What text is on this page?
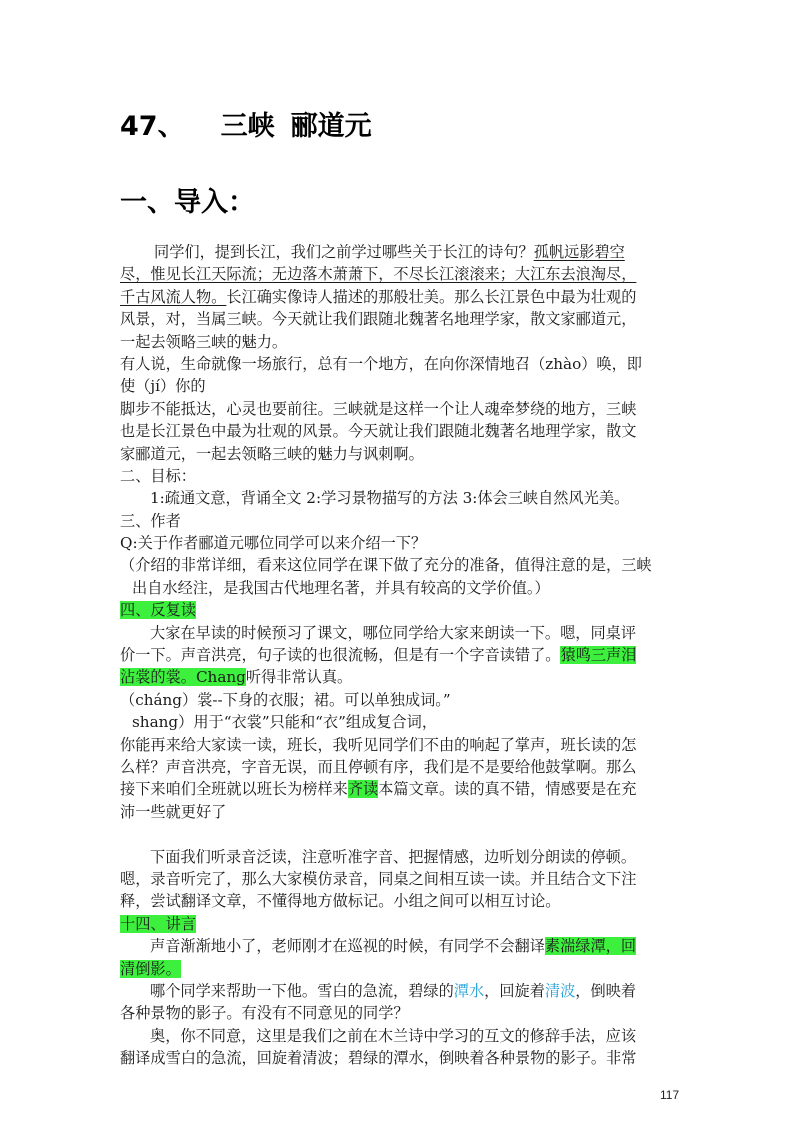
47、 三峡 郦道元
一、导入：
同学们，提到长江，我们之前学过哪些关于长江的诗句？孤帆远影碧空
尽，惟见长江天际流；无边落木萧萧下，不尽长江滚滚来；大江东去浪淘尽，
千古风流人物。长江确实像诗人描述的那般壮美。那么长江景色中最为壮观的
风景，对，当属三峡。今天就让我们跟随北魏著名地理学家，散文家郦道元，
一起去领略三峡的魅力。
有人说，生命就像一场旅行，总有一个地方，在向你深情地召（zhào）唤，即
使（jí）你的
脚步不能抵达，心灵也要前往。三峡就是这样一个让人魂牵梦绕的地方，三峡
也是长江景色中最为壮观的风景。今天就让我们跟随北魏著名地理学家，散文
家郦道元，一起去领略三峡的魅力与讽刺啊。
二、目标：
1:疏通文意，背诵全文 2:学习景物描写的方法 3:体会三峡自然风光美。
三、作者
Q:关于作者郦道元哪位同学可以来介绍一下？
（介绍的非常详细，看来这位同学在课下做了充分的准备，值得注意的是，三峡
出自水经注，是我国古代地理名著，并具有较高的文学价值。）
四、反复读
大家在早读的时候预习了课文，哪位同学给大家来朗读一下。嗯，同桌评
价一下。声音洪亮，句子读的也很流畅，但是有一个字音读错了。猿鸣三声泪
沾裳的裳。Chang听得非常认真。
（cháng）裳--下身的衣服；裙。可以单独成词。”
shang）用于“衣裳”只能和“衣”组成复合词，
你能再来给大家读一读，班长，我听见同学们不由的响起了掌声，班长读的怎
么样？声音洪亮，字音无误，而且停顿有序，我们是不是要给他鼓掌啊。那么
接下来咱们全班就以班长为榜样来齐读本篇文章。读的真不错，情感要是在充
沛一些就更好了
下面我们听录音泛读，注意听准字音、把握情感，边听划分朗读的停顿。
嗯，录音听完了，那么大家模仿录音，同桌之间相互读一读。并且结合文下注
释，尝试翻译文章，不懂得地方做标记。小组之间可以相互讨论。
十四、讲言
声音渐渐地小了，老师刚才在巡视的时候，有同学不会翻译素湍绿潭，回
清倒影。
哪个同学来帮助一下他。雪白的急流，碧绿的潭水，回旋着清波，倒映着
各种景物的影子。有没有不同意见的同学？
奥，你不同意，这里是我们之前在木兰诗中学习的互文的修辞手法，应该
翻译成雪白的急流，回旋着清波；碧绿的潭水，倒映着各种景物的影子。非常
117
